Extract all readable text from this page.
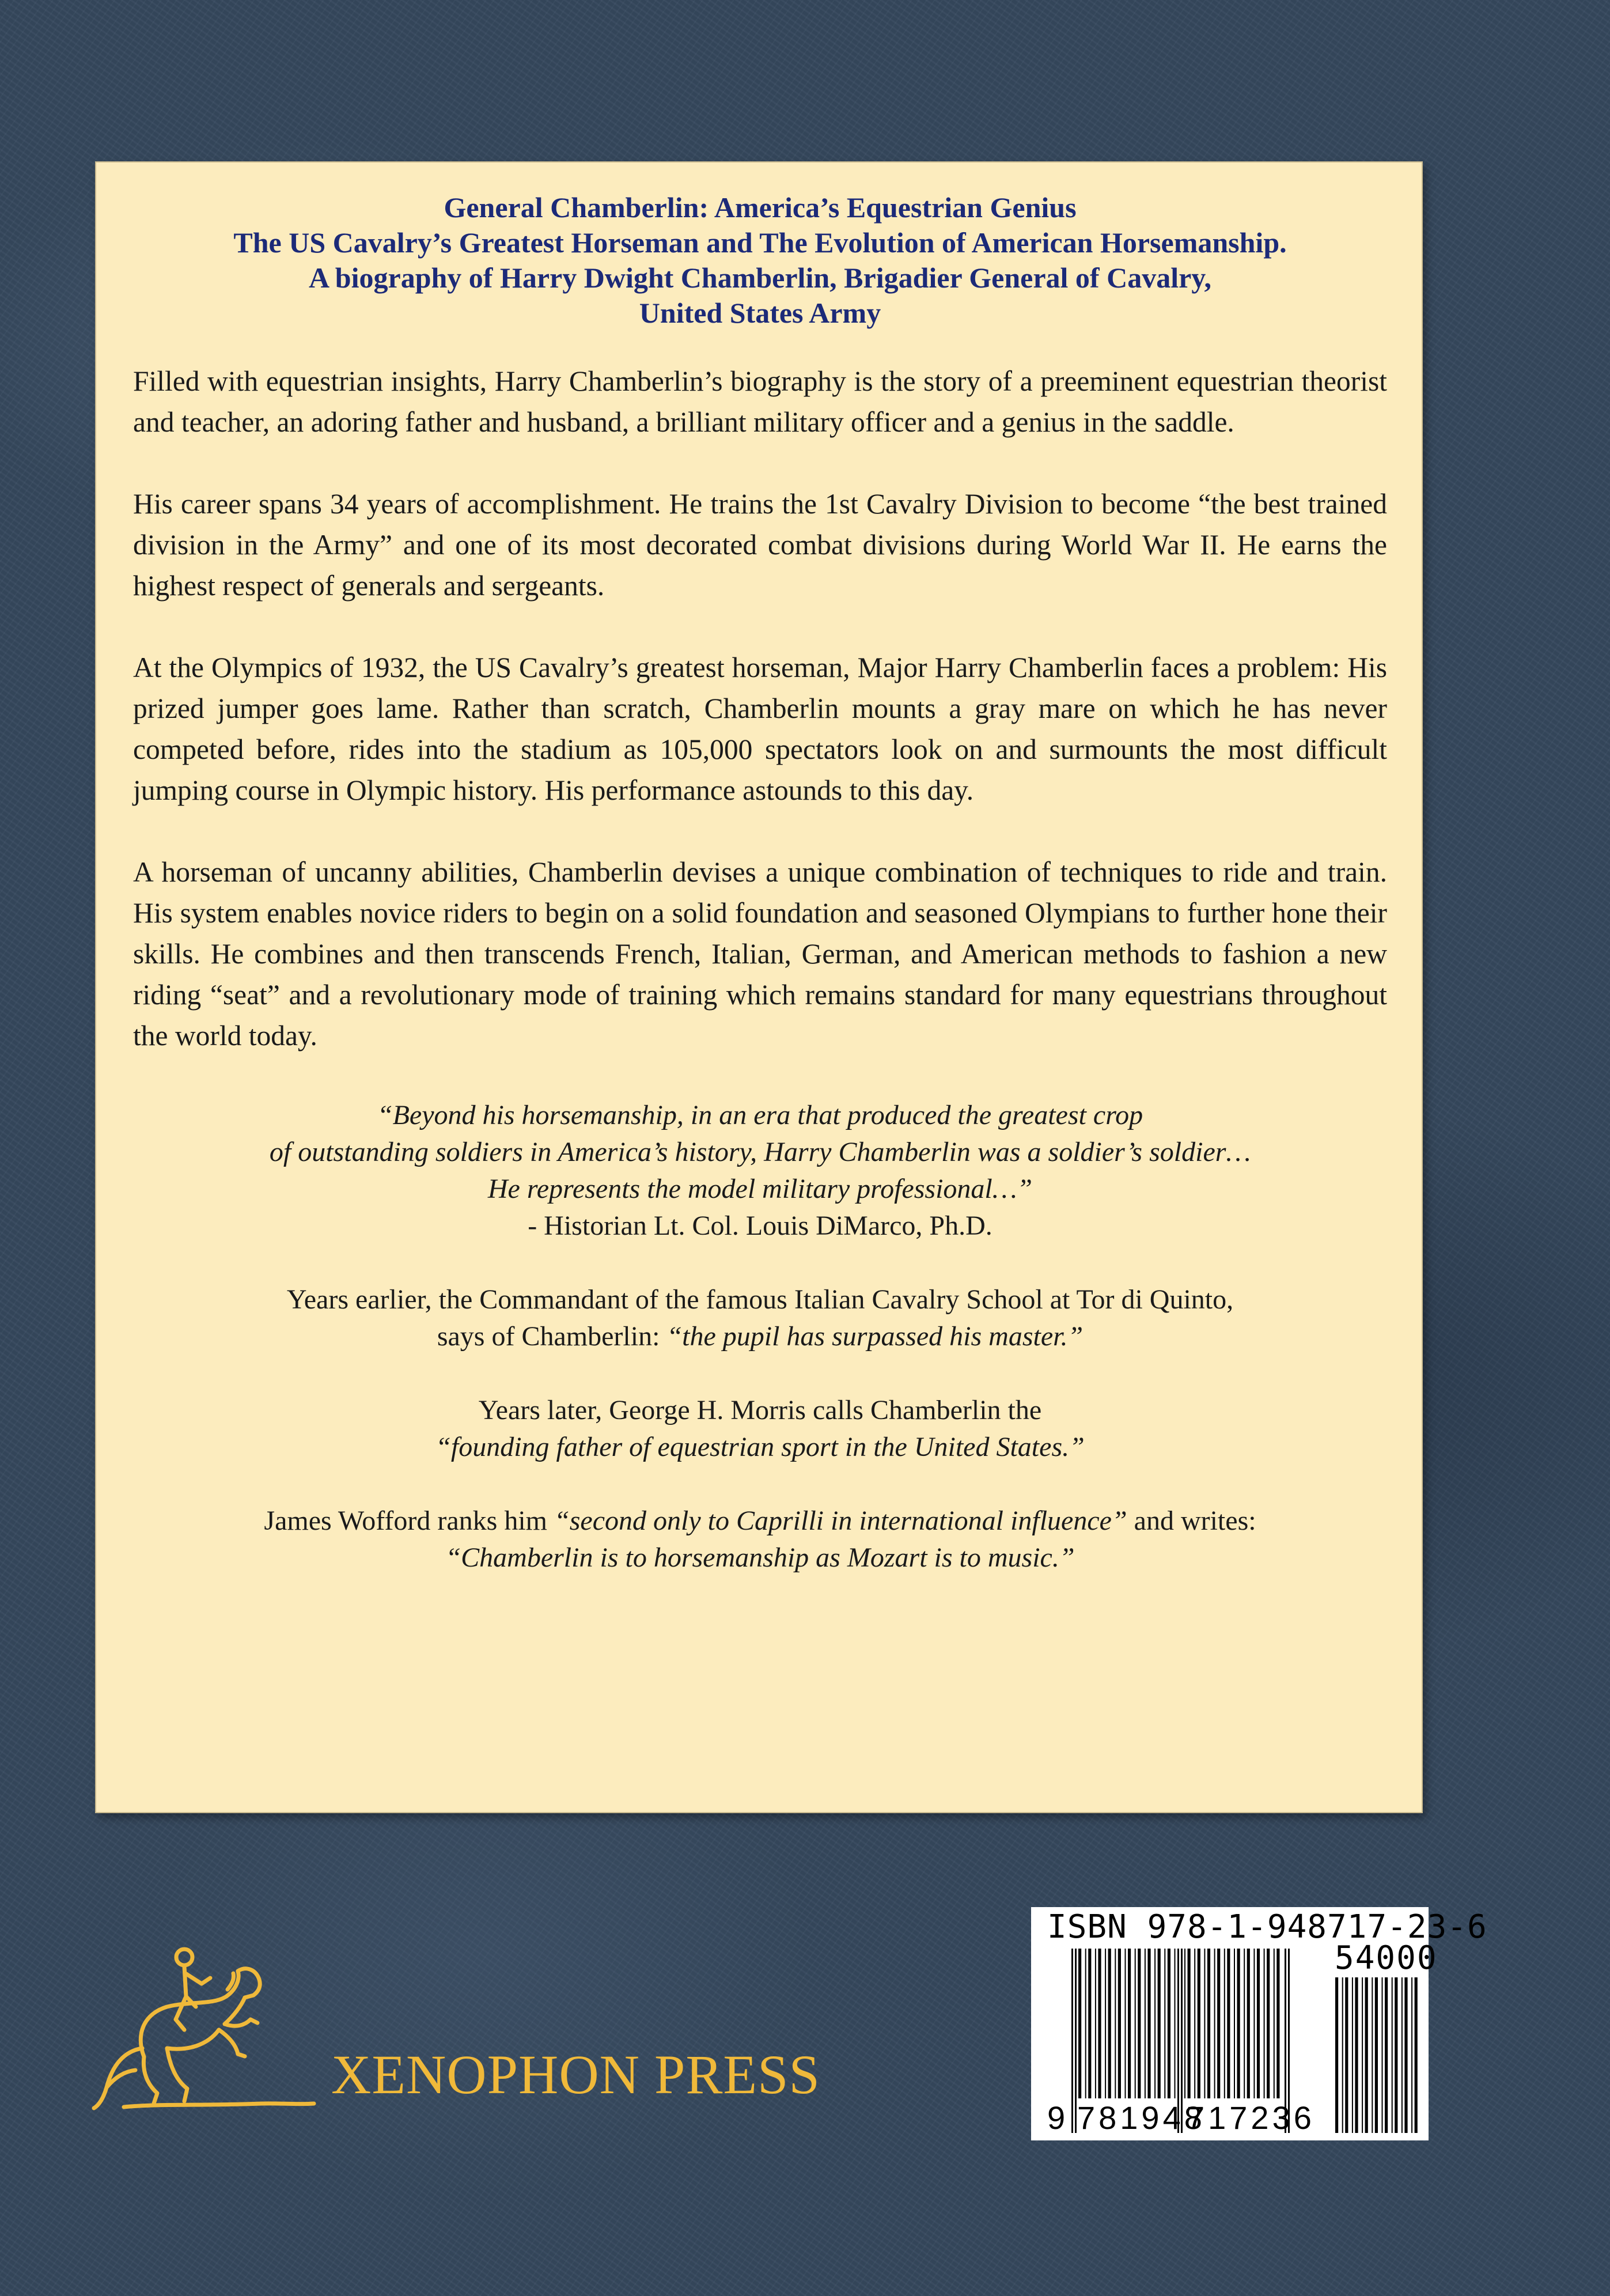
General Chamberlin: America’s Equestrian Genius
The US Cavalry’s Greatest Horseman and The Evolution of American Horsemanship.
A biography of Harry Dwight Chamberlin, Brigadier General of Cavalry,
United States Army

Filled with equestrian insights, Harry Chamberlin’s biography is the story of a preeminent equestrian theorist and teacher, an adoring father and husband, a brilliant military officer and a genius in the saddle.

His career spans 34 years of accomplishment. He trains the 1st Cavalry Division to become “the best trained division in the Army” and one of its most decorated combat divisions during World War II. He earns the highest respect of generals and sergeants.

At the Olympics of 1932, the US Cavalry’s greatest horseman, Major Harry Chamberlin faces a problem: His prized jumper goes lame. Rather than scratch, Chamberlin mounts a gray mare on which he has never competed before, rides into the stadium as 105,000 spectators look on and surmounts the most difficult jumping course in Olympic history. His performance astounds to this day.

A horseman of uncanny abilities, Chamberlin devises a unique combination of techniques to ride and train. His system enables novice riders to begin on a solid foundation and seasoned Olympians to further hone their skills. He combines and then transcends French, Italian, German, and American methods to fashion a new riding “seat” and a revolutionary mode of training which remains standard for many equestrians throughout the world today.

“Beyond his horsemanship, in an era that produced the greatest crop
of outstanding soldiers in America’s history, Harry Chamberlin was a soldier’s soldier…
He represents the model military professional…”
- Historian Lt. Col. Louis DiMarco, Ph.D.
Years earlier, the Commandant of the famous Italian Cavalry School at Tor di Quinto,
says of Chamberlin: “the pupil has surpassed his master.”
Years later, George H. Morris calls Chamberlin the
“founding father of equestrian sport in the United States.”
James Wofford ranks him “second only to Caprilli in international influence” and writes:
“Chamberlin is to horsemanship as Mozart is to music.”
XENOPHON PRESS
ISBN 978-1-948717-23-6
54000
9 781948
717236
